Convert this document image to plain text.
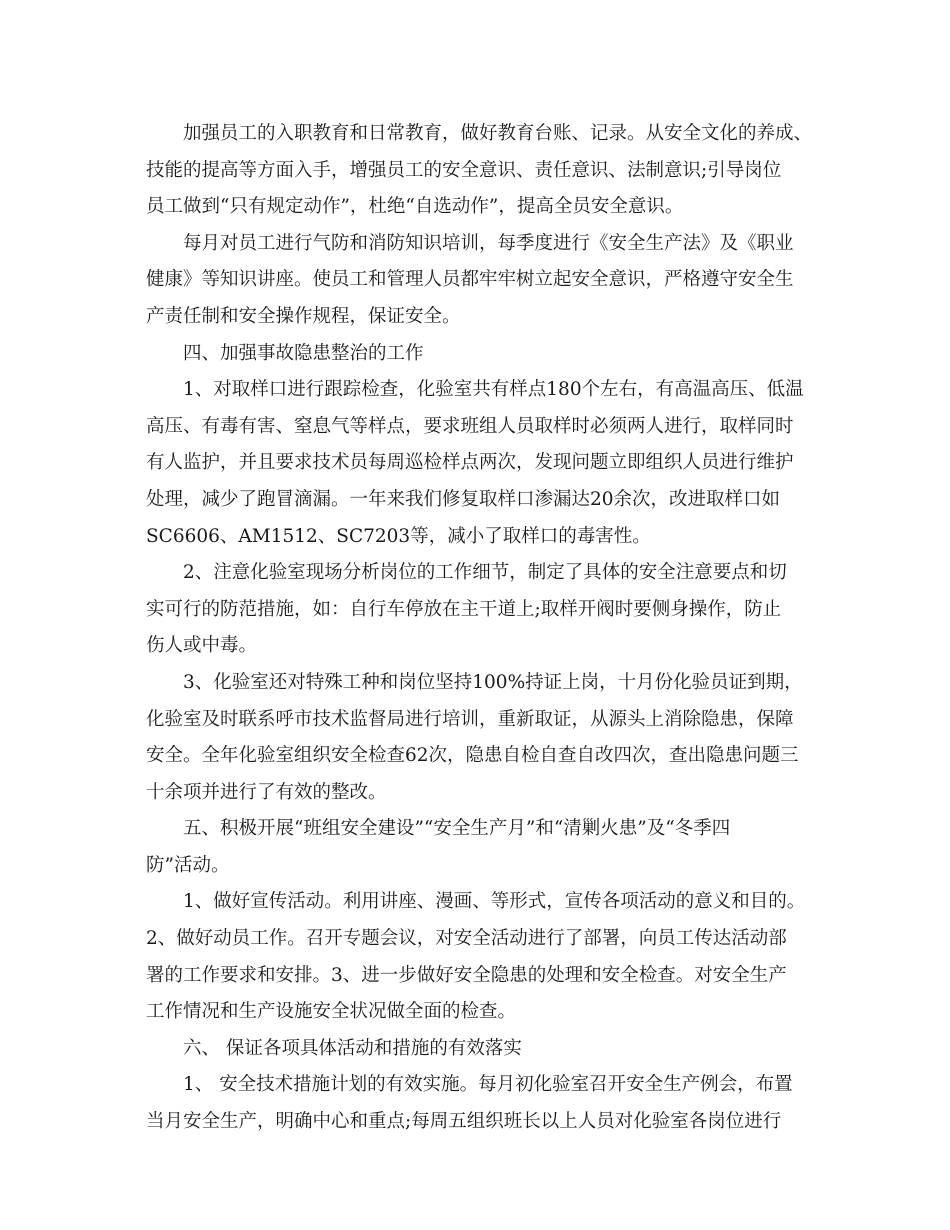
加强员工的入职教育和日常教育，做好教育台账、记录。从安全文化的养成、
技能的提高等方面入手，增强员工的安全意识、责任意识、法制意识;引导岗位
员工做到“只有规定动作”，杜绝“自选动作”，提高全员安全意识。
每月对员工进行气防和消防知识培训，每季度进行《安全生产法》及《职业
健康》等知识讲座。使员工和管理人员都牢牢树立起安全意识，严格遵守安全生
产责任制和安全操作规程，保证安全。
四、加强事故隐患整治的工作
1、对取样口进行跟踪检查，化验室共有样点180个左右，有高温高压、低温
高压、有毒有害、窒息气等样点，要求班组人员取样时必须两人进行，取样同时
有人监护，并且要求技术员每周巡检样点两次，发现问题立即组织人员进行维护
处理，减少了跑冒滴漏。一年来我们修复取样口渗漏达20余次，改进取样口如
SC6606、AM1512、SC7203等，减小了取样口的毒害性。
2、注意化验室现场分析岗位的工作细节，制定了具体的安全注意要点和切
实可行的防范措施，如：自行车停放在主干道上;取样开阀时要侧身操作，防止
伤人或中毒。
3、化验室还对特殊工种和岗位坚持100%持证上岗，十月份化验员证到期，
化验室及时联系呼市技术监督局进行培训，重新取证，从源头上消除隐患，保障
安全。全年化验室组织安全检查62次，隐患自检自查自改四次，查出隐患问题三
十余项并进行了有效的整改。
五、积极开展“班组安全建设”“安全生产月”和“清剿火患”及“冬季四
防”活动。
1、做好宣传活动。利用讲座、漫画、等形式，宣传各项活动的意义和目的。
2、做好动员工作。召开专题会议，对安全活动进行了部署，向员工传达活动部
署的工作要求和安排。3、进一步做好安全隐患的处理和安全检查。对安全生产
工作情况和生产设施安全状况做全面的检查。
六、 保证各项具体活动和措施的有效落实
1、 安全技术措施计划的有效实施。每月初化验室召开安全生产例会，布置
当月安全生产，明确中心和重点;每周五组织班长以上人员对化验室各岗位进行
